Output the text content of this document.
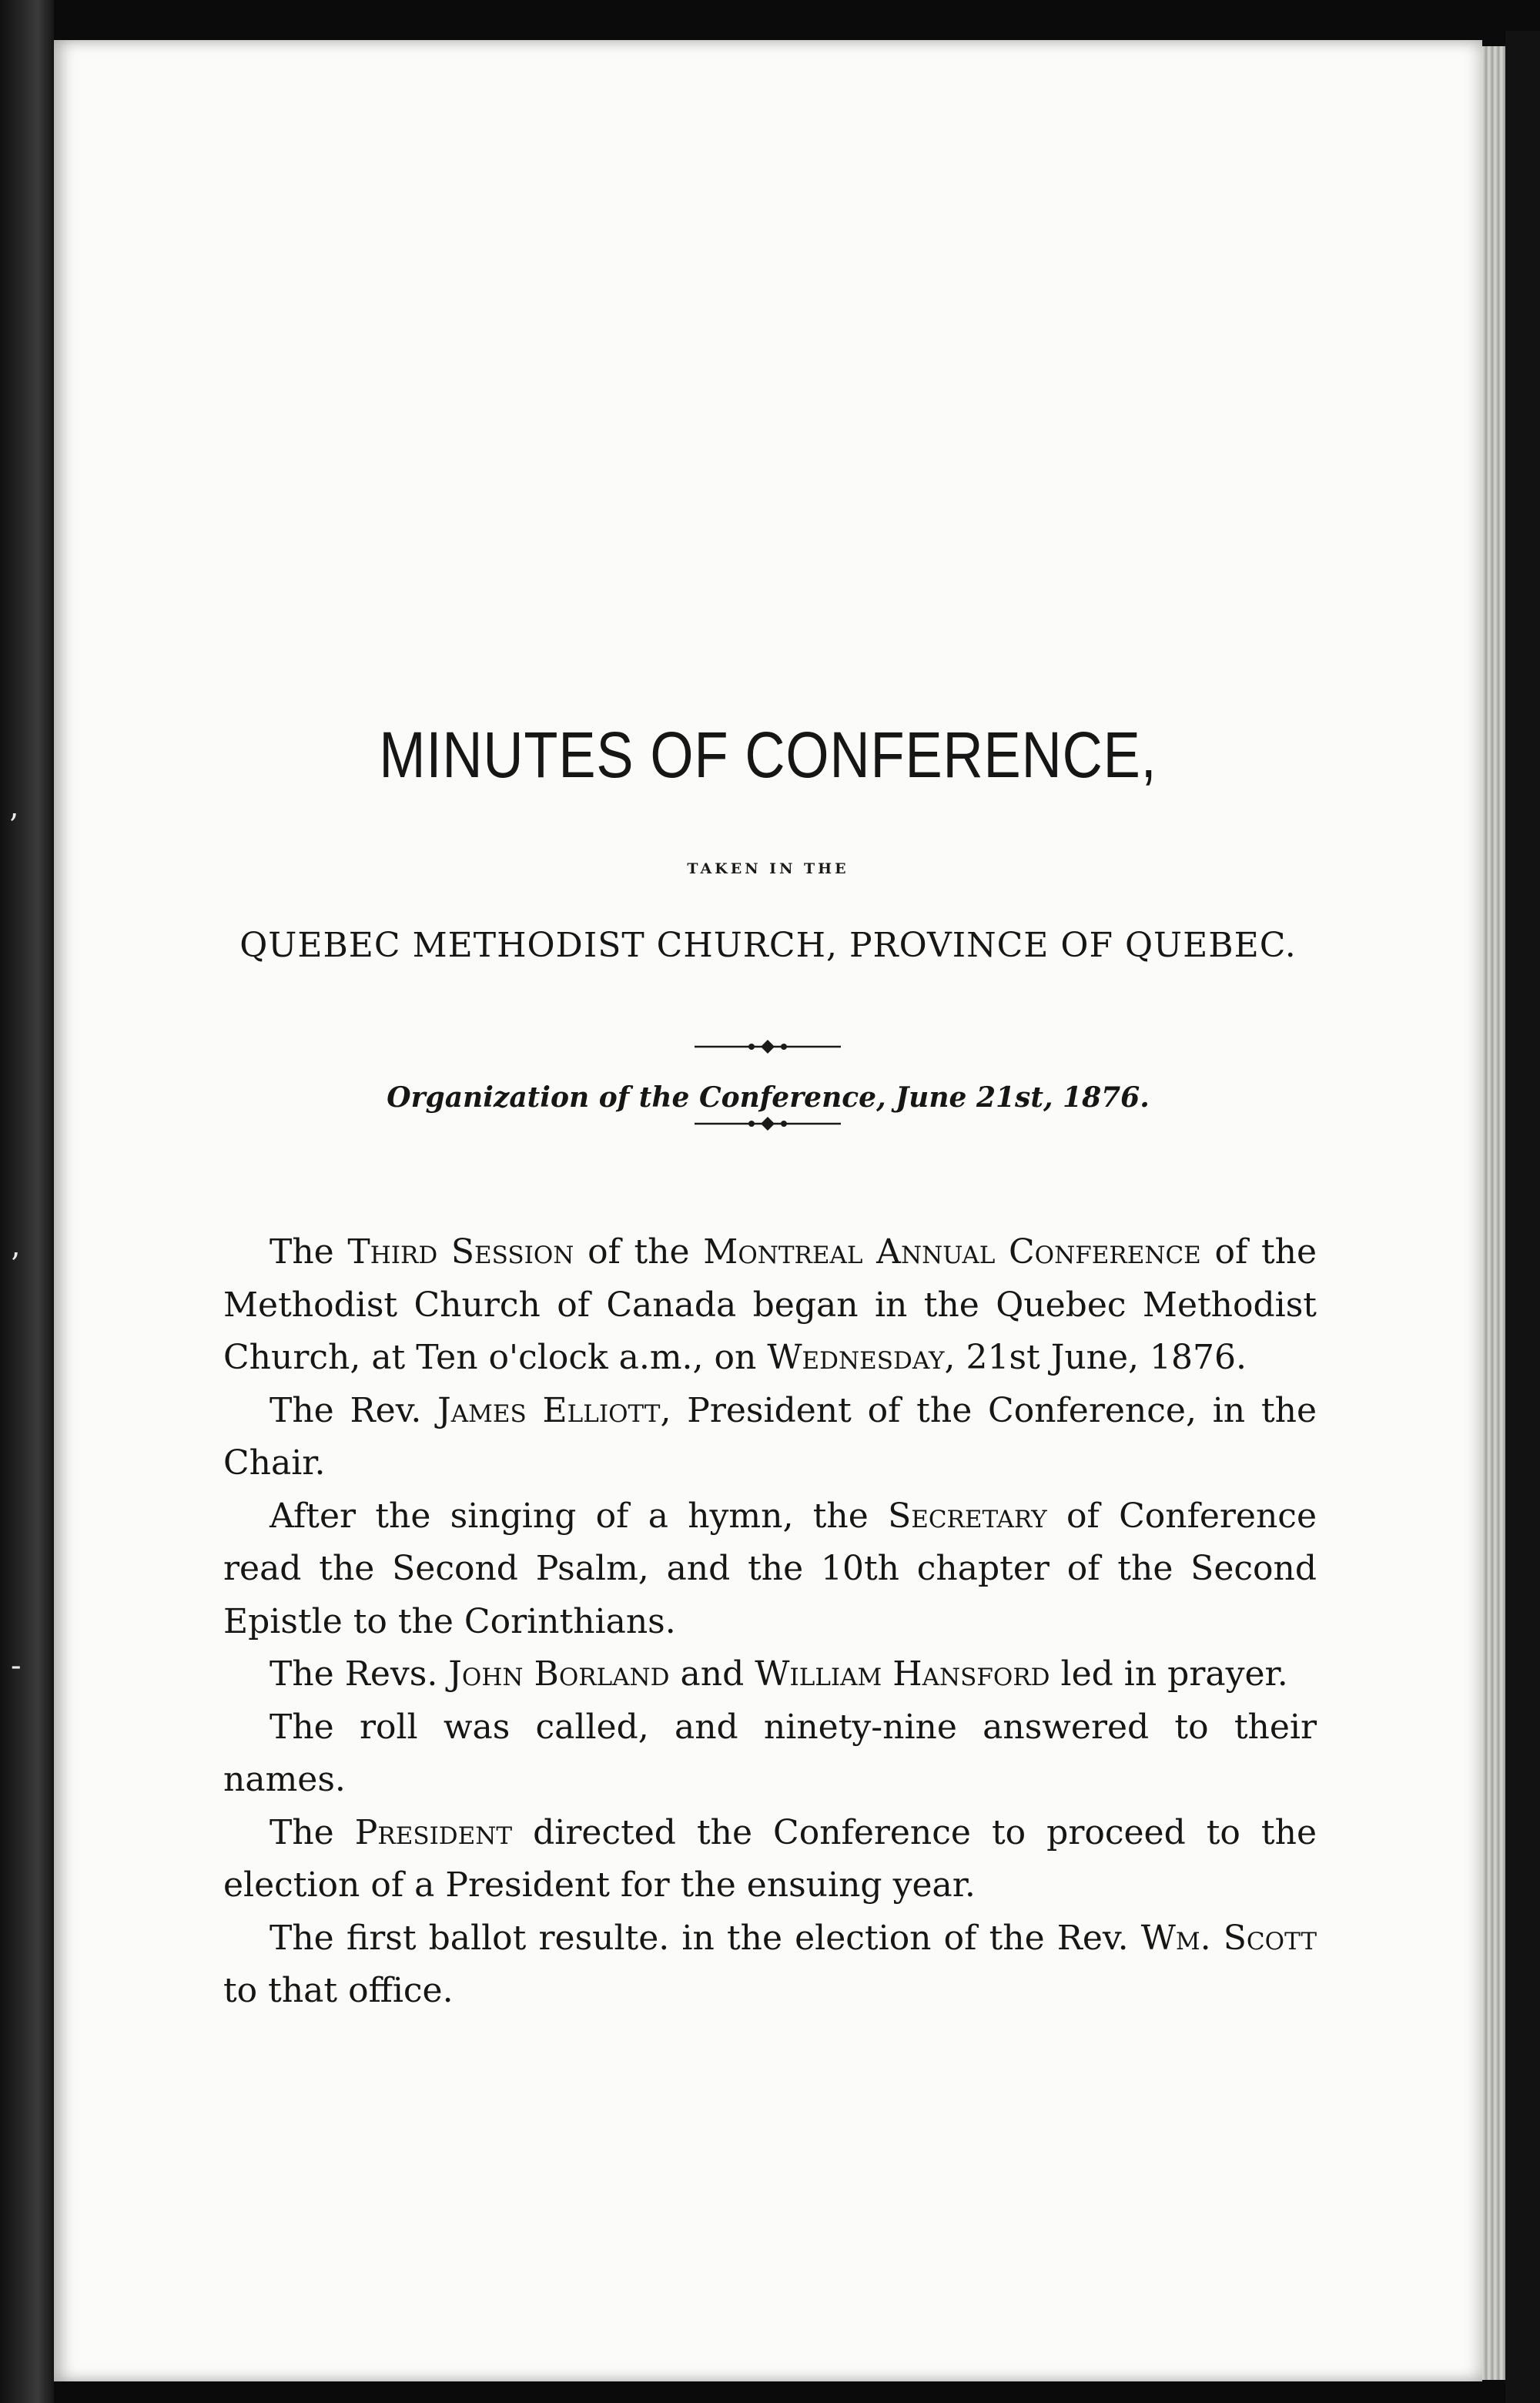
ʼ
ʼ
-
MINUTES OF CONFERENCE,
TAKEN IN THE
QUEBEC METHODIST CHURCH, PROVINCE OF QUEBEC.
Organization of the Conference, June 21st, 1876.

The Third Session of the Montreal Annual Conference of the Methodist Church of Canada began in the Quebec Methodist Church, at Ten o'clock a.m., on Wednesday, 21st June, 1876.

The Rev. James Elliott, President of the Conference, in the Chair.

After the singing of a hymn, the Secretary of Conference read the Second Psalm, and the 10th chapter of the Second Epistle to the Corinthians.

The Revs. John Borland and William Hansford led in prayer.

The roll was called, and ninety-nine answered to their names.

The President directed the Conference to proceed to the election of a President for the ensuing year.

The first ballot resulte. in the election of the Rev. Wm. Scott to that office.
